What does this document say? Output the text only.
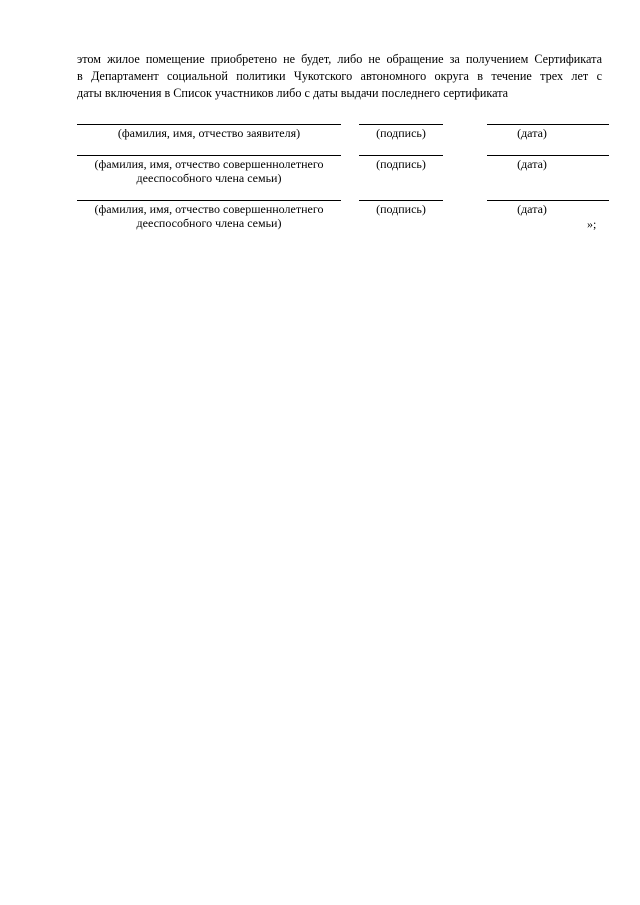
этом жилое помещение приобретено не будет, либо не обращение за получением Сертификата
в Департамент социальной политики Чукотского автономного округа в течение трех лет с
даты включения в Список участников либо с даты выдачи последнего сертификата

(фамилия, имя, отчество заявителя)	(подпись)	(дата)
(фамилия, имя, отчество совершеннолетнего
дееспособного члена семьи)
(подпись)	(дата)
(фамилия, имя, отчество совершеннолетнего
дееспособного члена семьи)
(подпись)	(дата)
»;
